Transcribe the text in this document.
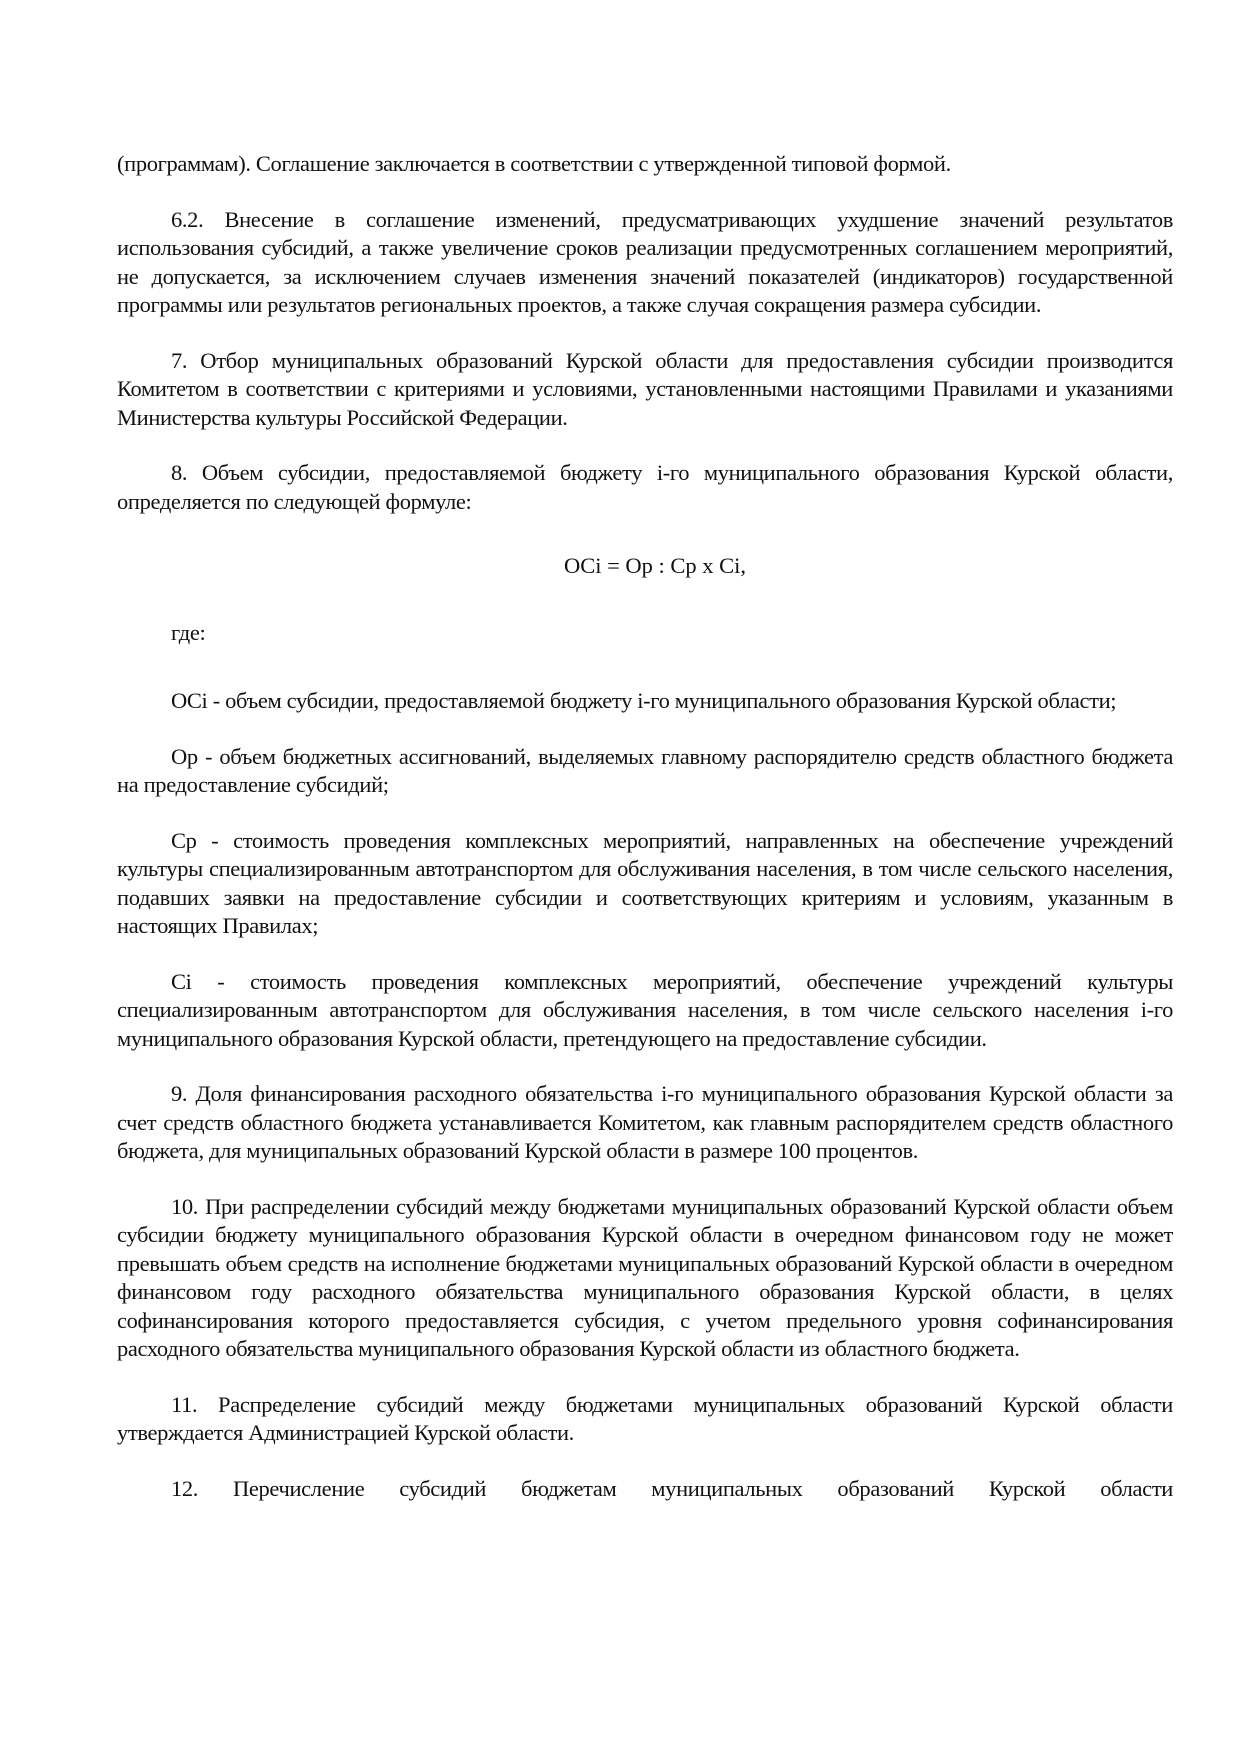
(программам). Соглашение заключается в соответствии с утвержденной типовой формой.

6.2. Внесение в соглашение изменений, предусматривающих ухудшение значений результатов использования субсидий, а также увеличение сроков реализации предусмотренных соглашением мероприятий, не допускается, за исключением случаев изменения значений показателей (индикаторов) государственной программы или результатов региональных проектов, а также случая сокращения размера субсидии.

7. Отбор муниципальных образований Курской области для предоставления субсидии производится Комитетом в соответствии с критериями и условиями, установленными настоящими Правилами и указаниями Министерства культуры Российской Федерации.

8. Объем субсидии, предоставляемой бюджету i-го муниципального образования Курской области, определяется по следующей формуле:

OCi = Op : Cp x Ci,

где:

OCi - объем субсидии, предоставляемой бюджету i-го муниципального образования Курской области;

Op - объем бюджетных ассигнований, выделяемых главному распорядителю средств областного бюджета на предоставление субсидий;

Cp - стоимость проведения комплексных мероприятий, направленных на обеспечение учреждений культуры специализированным автотранспортом для обслуживания населения, в том числе сельского населения, подавших заявки на предоставление субсидии и соответствующих критериям и условиям, указанным в настоящих Правилах;

Ci - стоимость проведения комплексных мероприятий, обеспечение учреждений культуры специализированным автотранспортом для обслуживания населения, в том числе сельского населения i-го муниципального образования Курской области, претендующего на предоставление субсидии.

9. Доля финансирования расходного обязательства i-го муниципального образования Курской области за счет средств областного бюджета устанавливается Комитетом, как главным распорядителем средств областного бюджета, для муниципальных образований Курской области в размере 100 процентов.

10. При распределении субсидий между бюджетами муниципальных образований Курской области объем субсидии бюджету муниципального образования Курской области в очередном финансовом году не может превышать объем средств на исполнение бюджетами муниципальных образований Курской области в очередном финансовом году расходного обязательства муниципального образования Курской области, в целях софинансирования которого предоставляется субсидия, с учетом предельного уровня софинансирования расходного обязательства муниципального образования Курской области из областного бюджета.

11. Распределение субсидий между бюджетами муниципальных образований Курской области утверждается Администрацией Курской области.

12. Перечисление субсидий бюджетам муниципальных образований Курской области
